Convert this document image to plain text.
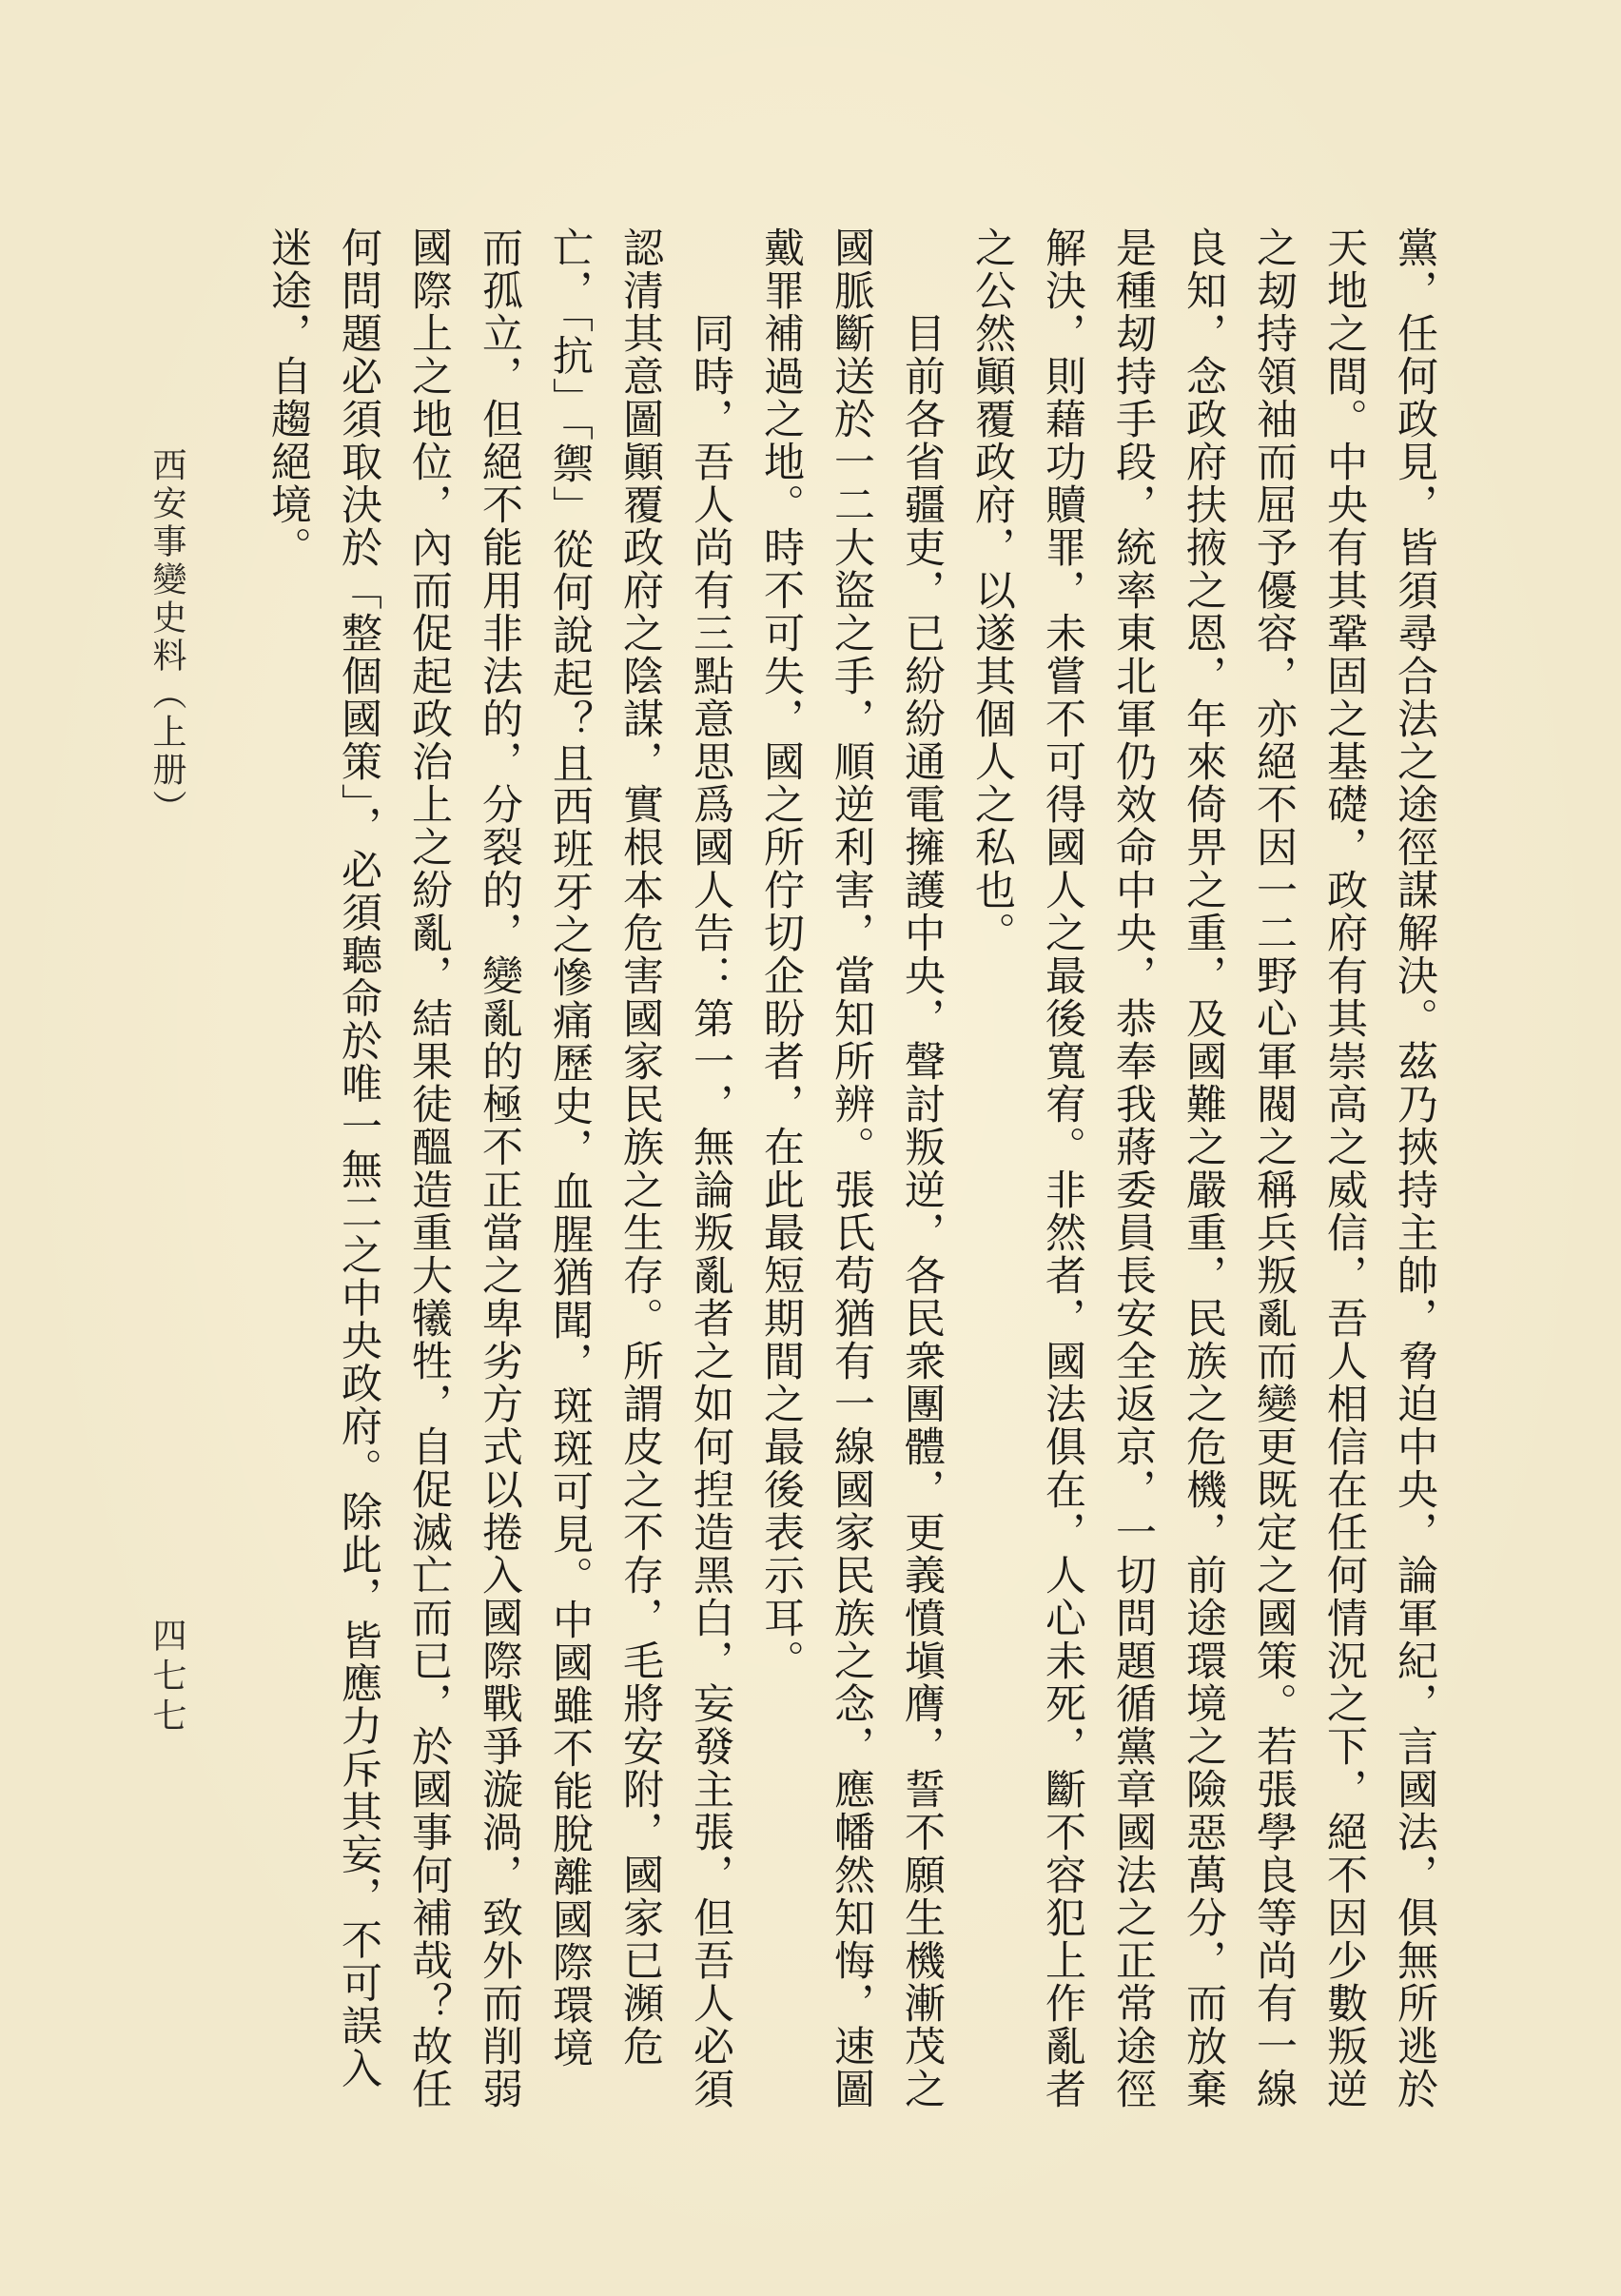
黨，任何政見，皆須尋合法之途徑謀解決。茲乃挾持主帥，脅迫中央，論軍紀，言國法，俱無所逃於
天地之間。中央有其鞏固之基礎，政府有其崇高之威信，吾人相信在任何情況之下，絕不因少數叛逆
之刼持領袖而屈予優容，亦絕不因一二野心軍閥之稱兵叛亂而變更既定之國策。若張學良等尚有一線
良知，念政府扶掖之恩，年來倚畀之重，及國難之嚴重，民族之危機，前途環境之險惡萬分，而放棄
是種刼持手段，統率東北軍仍效命中央，恭奉我蔣委員長安全返京，一切問題循黨章國法之正常途徑
解決，則藉功贖罪，未嘗不可得國人之最後寬宥。非然者，國法俱在，人心未死，斷不容犯上作亂者
之公然顚覆政府，以遂其個人之私也。
　　目前各省疆吏，已紛紛通電擁護中央，聲討叛逆，各民衆團體，更義憤塡膺，誓不願生機漸茂之
國脈斷送於一二大盜之手，順逆利害，當知所辨。張氏苟猶有一線國家民族之念，應幡然知悔，速圖
戴罪補過之地。時不可失，國之所佇切企盼者，在此最短期間之最後表示耳。
　　同時，吾人尚有三點意思爲國人告：第一，無論叛亂者之如何揑造黑白，妄發主張，但吾人必須
認清其意圖顚覆政府之陰謀，實根本危害國家民族之生存。所謂皮之不存，毛將安附，國家已瀕危
亡，「抗」「禦」從何說起？且西班牙之慘痛歷史，血腥猶聞，斑斑可見。中國雖不能脫離國際環境
而孤立，但絕不能用非法的，分裂的，變亂的極不正當之卑劣方式以捲入國際戰爭漩渦，致外而削弱
國際上之地位，內而促起政治上之紛亂，結果徒醞造重大犧牲，自促滅亡而已，於國事何補哉？故任
何問題必須取決於「整個國策」，必須聽命於唯一無二之中央政府。除此，皆應力斥其妄，不可誤入
迷途，自趨絕境。
西安事變史料（上册）
四七七
